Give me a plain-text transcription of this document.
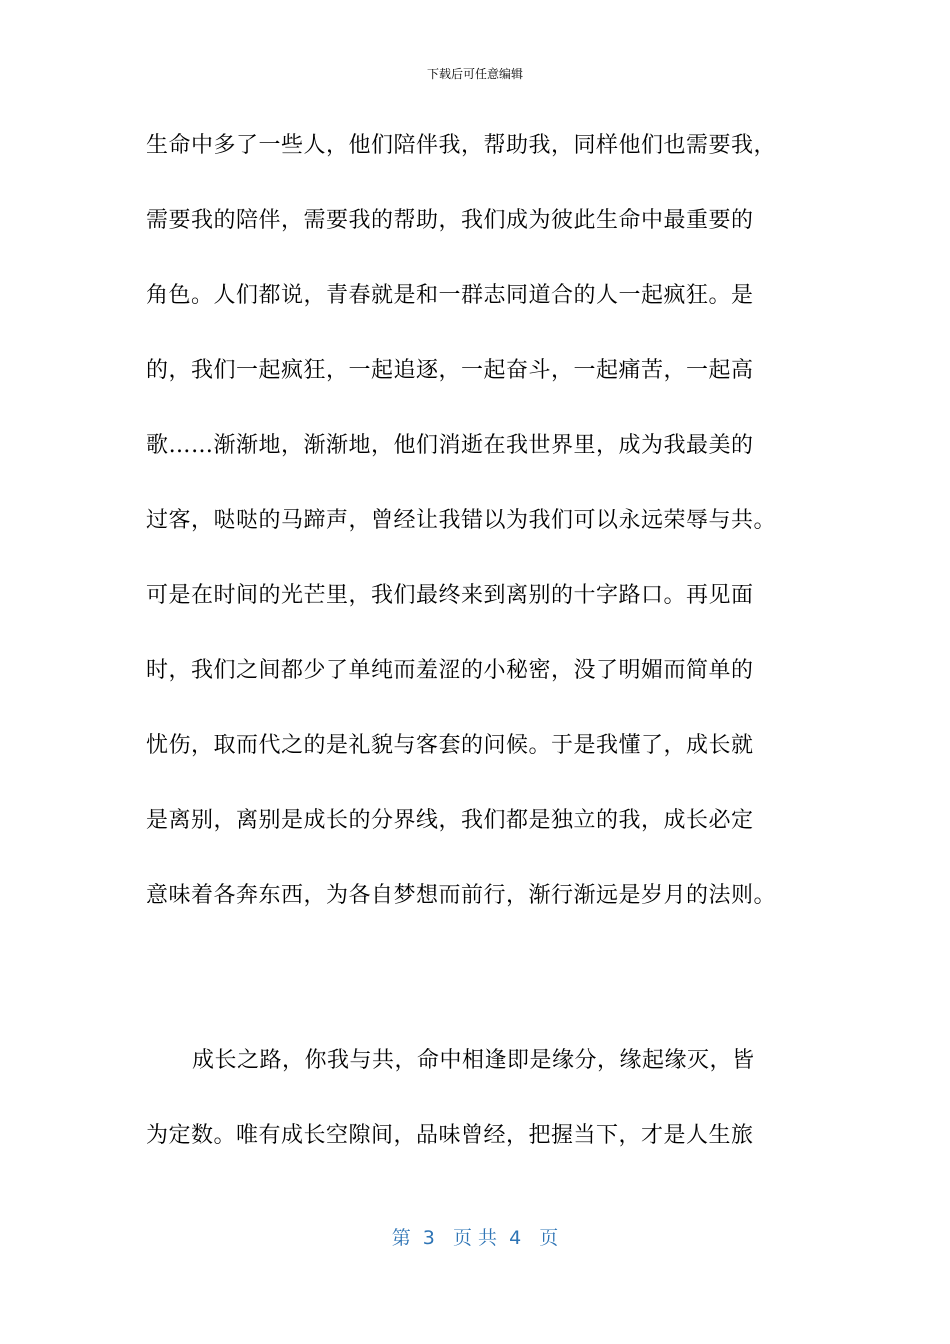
下载后可任意编辑
生命中多了一些人，他们陪伴我，帮助我，同样他们也需要我，
需要我的陪伴，需要我的帮助，我们成为彼此生命中最重要的
角色。人们都说，青春就是和一群志同道合的人一起疯狂。是
的，我们一起疯狂，一起追逐，一起奋斗，一起痛苦，一起高
歌……渐渐地，渐渐地，他们消逝在我世界里，成为我最美的
过客，哒哒的马蹄声，曾经让我错以为我们可以永远荣辱与共。
可是在时间的光芒里，我们最终来到离别的十字路口。再见面
时，我们之间都少了单纯而羞涩的小秘密，没了明媚而简单的
忧伤，取而代之的是礼貌与客套的问候。于是我懂了，成长就
是离别，离别是成长的分界线，我们都是独立的我，成长必定
意味着各奔东西，为各自梦想而前行，渐行渐远是岁月的法则。
成长之路，你我与共，命中相逢即是缘分，缘起缘灭，皆
为定数。唯有成长空隙间，品味曾经，把握当下，才是人生旅
第  3   页 共  4   页
